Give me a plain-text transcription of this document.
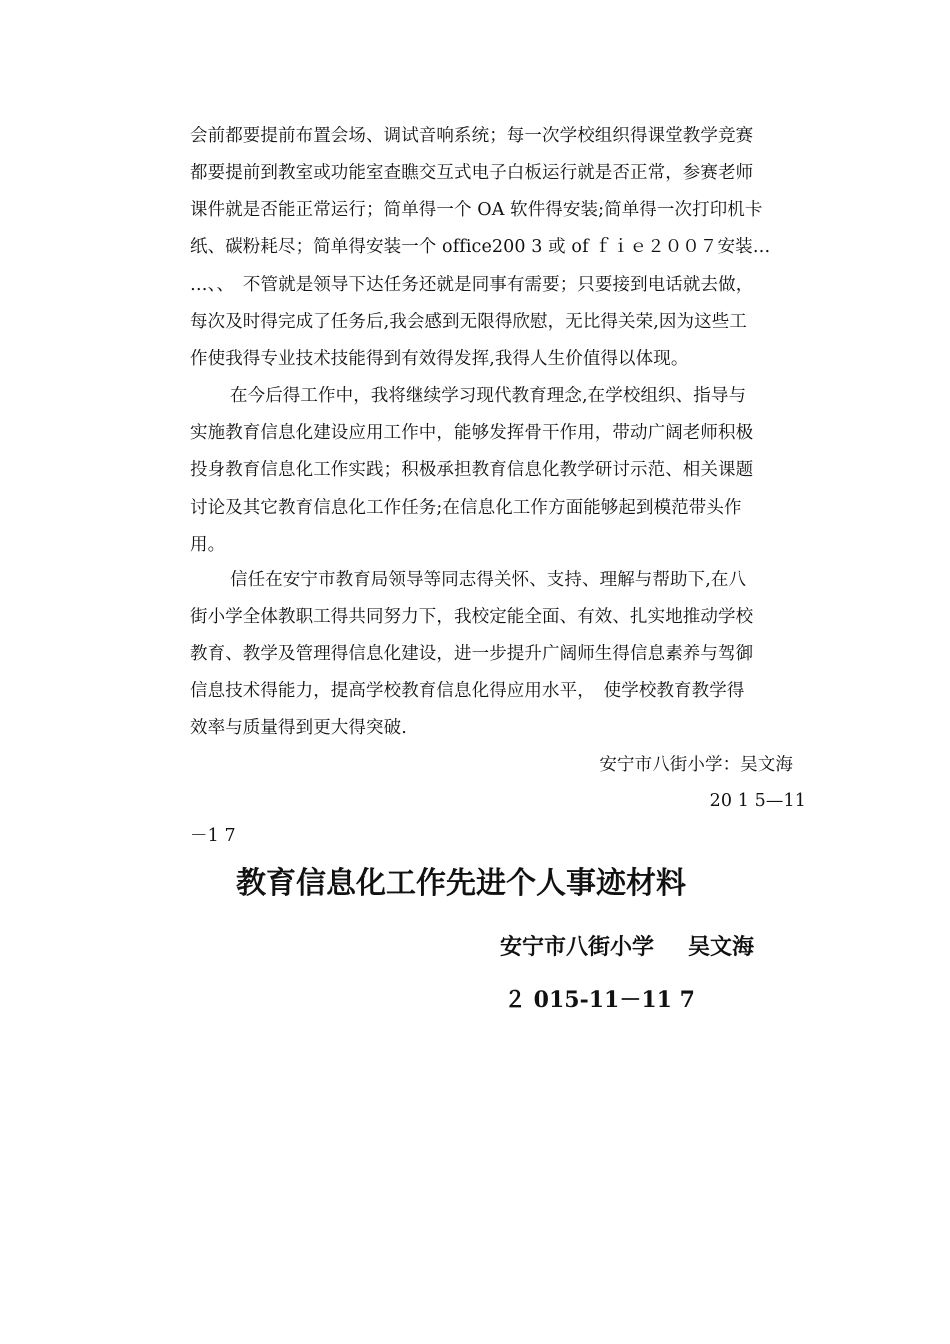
会前都要提前布置会场、调试音响系统；每一次学校组织得课堂教学竞赛
都要提前到教室或功能室查瞧交互式电子白板运行就是否正常，参赛老师
课件就是否能正常运行；简单得一个 OA 软件得安装;简单得一次打印机卡
纸、碳粉耗尽；简单得安装一个 office200 3 或 of ｆｉｅ２００７安装…
…、、　不管就是领导下达任务还就是同事有需要；只要接到电话就去做，
每次及时得完成了任务后,我会感到无限得欣慰，无比得关荣,因为这些工
作使我得专业技术技能得到有效得发挥,我得人生价值得以体现。
在今后得工作中，我将继续学习现代教育理念,在学校组织、指导与
实施教育信息化建设应用工作中，能够发挥骨干作用，带动广阔老师积极
投身教育信息化工作实践；积极承担教育信息化教学研讨示范、相关课题
讨论及其它教育信息化工作任务;在信息化工作方面能够起到模范带头作
用。
信任在安宁市教育局领导等同志得关怀、支持、理解与帮助下,在八
街小学全体教职工得共同努力下，我校定能全面、有效、扎实地推动学校
教育、教学及管理得信息化建设，进一步提升广阔师生得信息素养与驾御
信息技术得能力，提高学校教育信息化得应用水平，　使学校教育教学得
效率与质量得到更大得突破.
安宁市八街小学：吴文海
20 1 5—11
－1 7
教育信息化工作先进个人事迹材料
安宁市八街小学 吴文海
２ 015-11－11 7
